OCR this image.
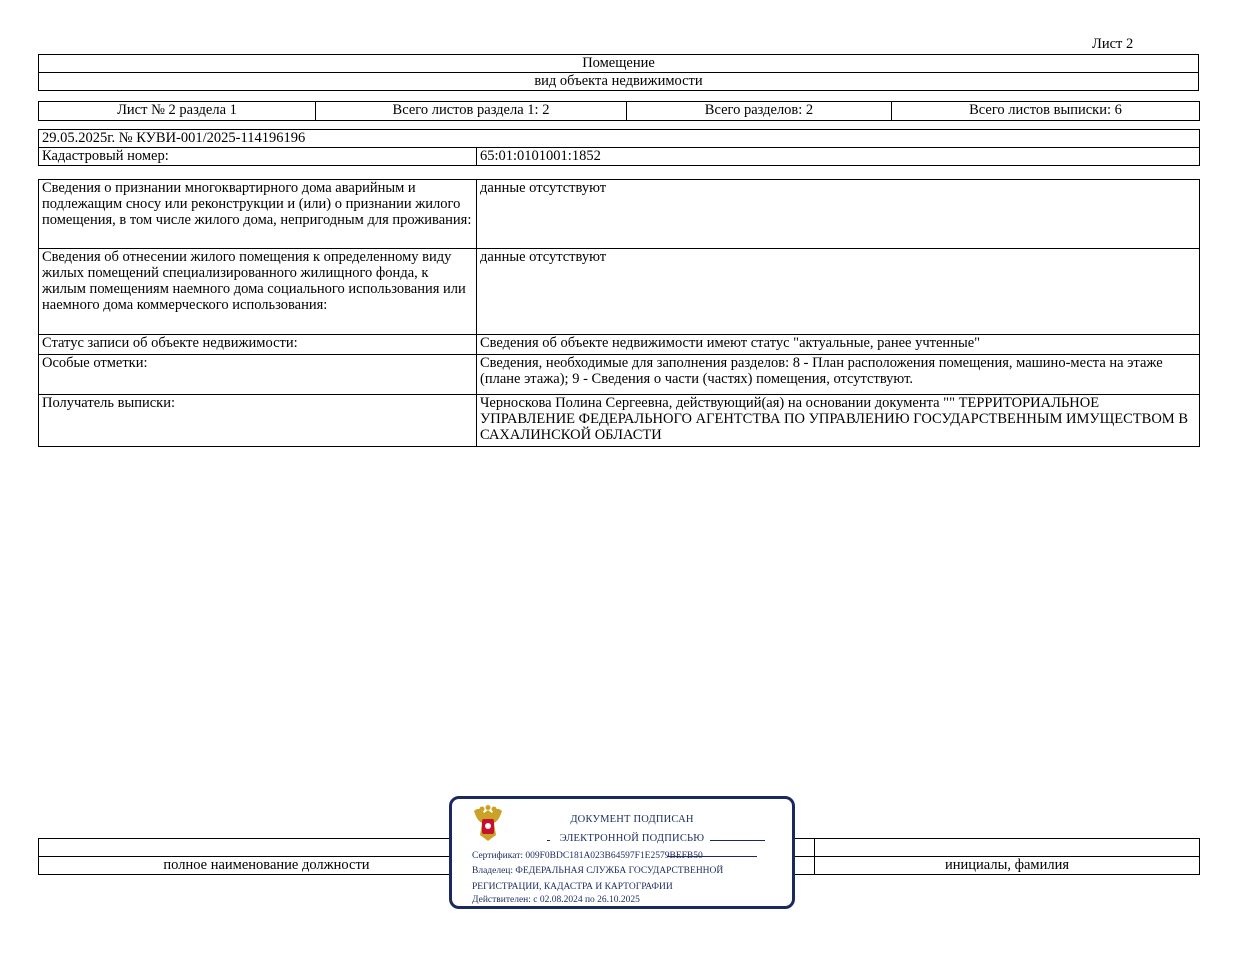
Лист 2
Помещение
вид объекта недвижимости
Лист № 2 раздела 1	Всего листов раздела 1: 2	Всего разделов: 2	Всего листов выписки: 6
29.05.2025г. № КУВИ-001/2025-114196196
Кадастровый номер:	65:01:0101001:1852
Сведения о признании многоквартирного дома аварийным и подлежащим сносу или реконструкции и (или) о признании жилого помещения, в том числе жилого дома, непригодным для проживания:	данные отсутствуют
Сведения об отнесении жилого помещения к определенному виду жилых помещений специализированного жилищного фонда, к жилым помещениям наемного дома социального использования или наемного дома коммерческого использования:	данные отсутствуют
Статус записи об объекте недвижимости:	Сведения об объекте недвижимости имеют статус "актуальные, ранее учтенные"
Особые отметки:	Сведения, необходимые для заполнения разделов: 8 - План расположения помещения, машино-места на этаже (плане этажа); 9 - Сведения о части (частях) помещения, отсутствуют.
Получатель выписки:	Черноскова Полина Сергеевна, действующий(ая) на основании документа "" ТЕРРИТОРИАЛЬНОЕ УПРАВЛЕНИЕ ФЕДЕРАЛЬНОГО АГЕНТСТВА ПО УПРАВЛЕНИЮ ГОСУДАРСТВЕННЫМ ИМУЩЕСТВОМ В САХАЛИНСКОЙ ОБЛАСТИ

полное наименование должности		инициалы, фамилия
ДОКУМЕНТ ПОДПИСАН
ЭЛЕКТРОННОЙ ПОДПИСЬЮ
Сертификат: 009F0BDC181A023B64597F1E2579BEFB50
Владелец: ФЕДЕРАЛЬНАЯ СЛУЖБА ГОСУДАРСТВЕННОЙ
РЕГИСТРАЦИИ, КАДАСТРА И КАРТОГРАФИИ
Действителен: с 02.08.2024 по 26.10.2025
